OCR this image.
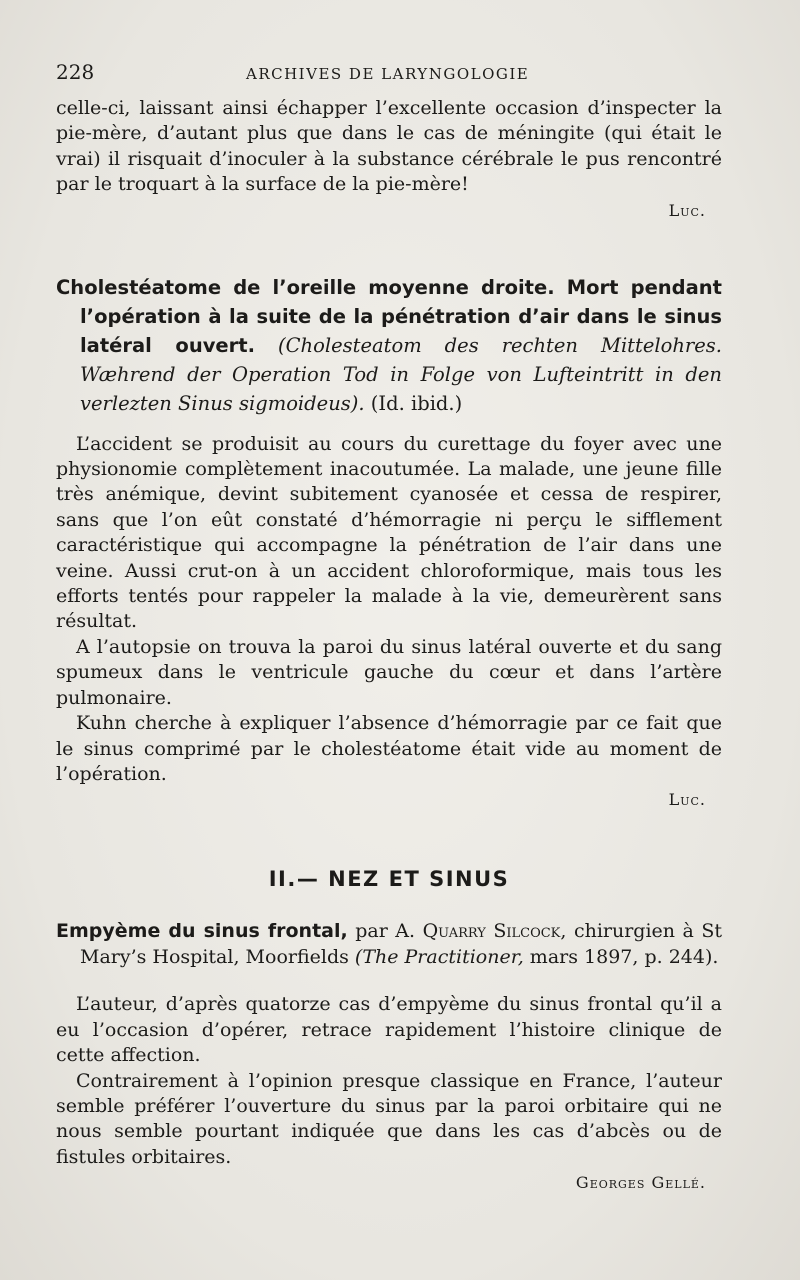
228	ARCHIVES DE LARYNGOLOGIE

celle-ci, laissant ainsi échapper l’excellente occasion d’inspecter la pie-mère, d’autant plus que dans le cas de méningite (qui était le vrai) il risquait d’inoculer à la substance cérébrale le pus rencontré par le troquart à la surface de la pie-mère!

Luc.

Cholestéatome de l’oreille moyenne droite. Mort pendant l’opération à la suite de la pénétration d’air dans le sinus latéral ouvert. (Cholesteatom des rechten Mittelohres. Wæhrend der Operation Tod in Folge von Lufteintritt in den verlezten Sinus sigmoideus). (Id. ibid.)

L’accident se produisit au cours du curettage du foyer avec une physionomie complètement inacoutumée. La malade, une jeune fille très anémique, devint subitement cyanosée et cessa de respirer, sans que l’on eût constaté d’hémorragie ni perçu le sifflement caractéristique qui accompagne la pénétration de l’air dans une veine. Aussi crut-on à un accident chloroformique, mais tous les efforts tentés pour rappeler la malade à la vie, demeurèrent sans résultat.

A l’autopsie on trouva la paroi du sinus latéral ouverte et du sang spumeux dans le ventricule gauche du cœur et dans l’artère pulmonaire.

Kuhn cherche à expliquer l’absence d’hémorragie par ce fait que le sinus comprimé par le cholestéatome était vide au moment de l’opération.

Luc.

II.— NEZ ET SINUS

Empyème du sinus frontal, par A. Quarry Silcock, chirurgien à St Mary’s Hospital, Moorfields (The Practitioner, mars 1897, p. 244).

L’auteur, d’après quatorze cas d’empyème du sinus frontal qu’il a eu l’occasion d’opérer, retrace rapidement l’histoire clinique de cette affection.

Contrairement à l’opinion presque classique en France, l’auteur semble préférer l’ouverture du sinus par la paroi orbitaire qui ne nous semble pourtant indiquée que dans les cas d’abcès ou de fistules orbitaires.

Georges Gellé.
